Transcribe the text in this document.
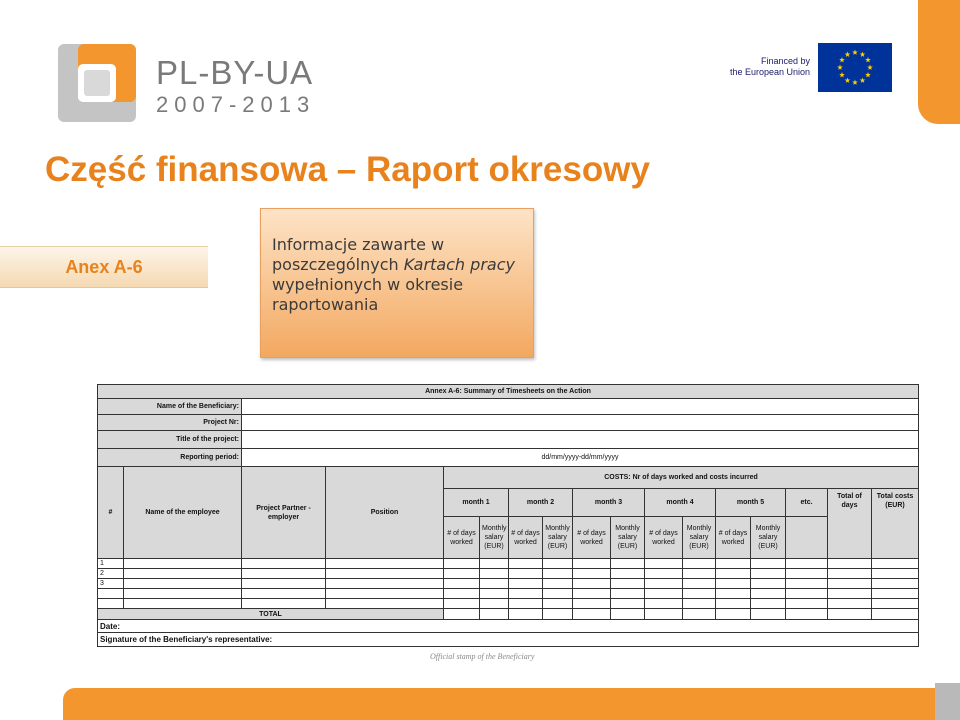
PL-BY-UA
2007-2013
Financed by
the European Union
Część finansowa – Raport okresowy
Anex A-6
Informacje zawarte w poszczególnych Kartach pracy wypełnionych w okresie raportowania
Annex A-6: Summary of Timesheets on the Action																
Name of the Beneficiary:																
Project Nr:																
Title of the project:																
Reporting period:		dd/mm/yyyy-dd/mm/yyyy														
#	Name of the employee	Project Partner - employer	Position	COSTS: Nr of days worked and costs incurred												
				month 1		month 2		month 3		month 4		month 5		etc.	Total of days	Total costs (EUR)
				# of days worked	Monthly salary (EUR)	# of days worked	Monthly salary (EUR)	# of days worked	Monthly salary (EUR)	# of days worked	Monthly salary (EUR)	# of days worked	Monthly salary (EUR)			
1																
2																
3																

TOTAL																
Date:																
Signature of the Beneficiary's representative:																
Official stamp of the Beneficiary
